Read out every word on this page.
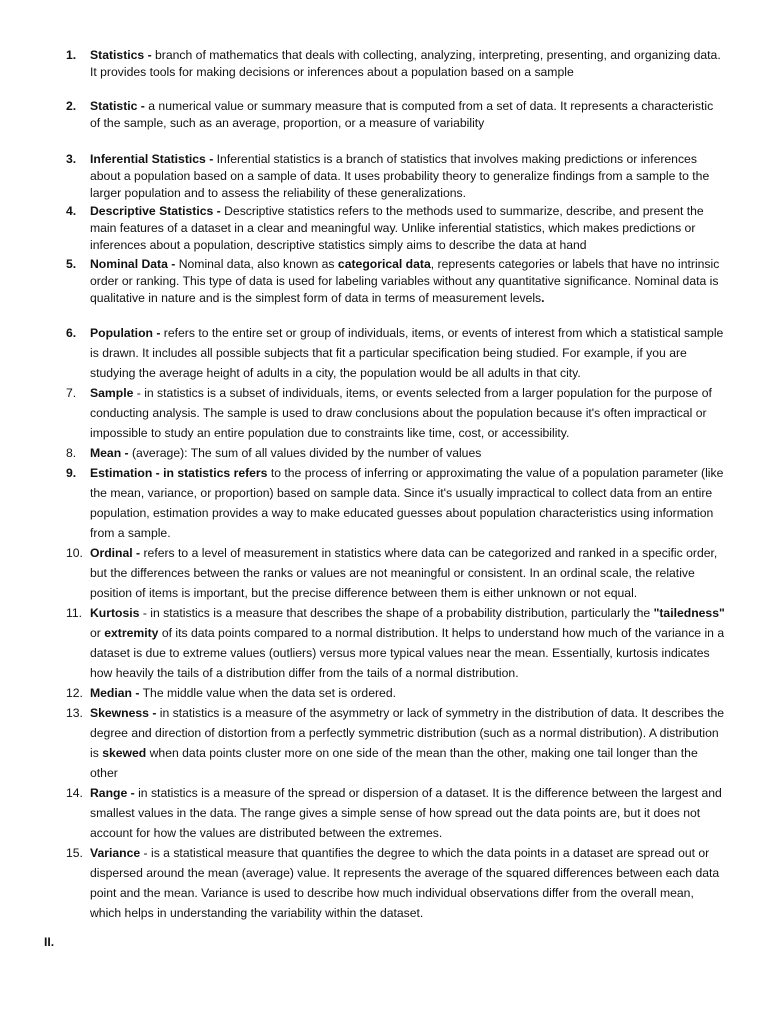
1.	Statistics - branch of mathematics that deals with collecting, analyzing, interpreting, presenting, and organizing data. It provides tools for making decisions or inferences about a population based on a sample
2.	Statistic - a numerical value or summary measure that is computed from a set of data. It represents a characteristic of the sample, such as an average, proportion, or a measure of variability
3.	Inferential Statistics - Inferential statistics is a branch of statistics that involves making predictions or inferences about a population based on a sample of data. It uses probability theory to generalize findings from a sample to the larger population and to assess the reliability of these generalizations.
4.	Descriptive Statistics - Descriptive statistics refers to the methods used to summarize, describe, and present the main features of a dataset in a clear and meaningful way. Unlike inferential statistics, which makes predictions or inferences about a population, descriptive statistics simply aims to describe the data at hand
5.	Nominal Data - Nominal data, also known as categorical data, represents categories or labels that have no intrinsic order or ranking. This type of data is used for labeling variables without any quantitative significance. Nominal data is qualitative in nature and is the simplest form of data in terms of measurement levels.
6.	Population - refers to the entire set or group of individuals, items, or events of interest from which a statistical sample is drawn. It includes all possible subjects that fit a particular specification being studied. For example, if you are studying the average height of adults in a city, the population would be all adults in that city.
7.	Sample - in statistics is a subset of individuals, items, or events selected from a larger population for the purpose of conducting analysis. The sample is used to draw conclusions about the population because it's often impractical or impossible to study an entire population due to constraints like time, cost, or accessibility.
8.	Mean - (average): The sum of all values divided by the number of values
9.	Estimation - in statistics refers to the process of inferring or approximating the value of a population parameter (like the mean, variance, or proportion) based on sample data. Since it's usually impractical to collect data from an entire population, estimation provides a way to make educated guesses about population characteristics using information from a sample.
10. Ordinal - refers to a level of measurement in statistics where data can be categorized and ranked in a specific order, but the differences between the ranks or values are not meaningful or consistent. In an ordinal scale, the relative position of items is important, but the precise difference between them is either unknown or not equal.
11. Kurtosis - in statistics is a measure that describes the shape of a probability distribution, particularly the "tailedness" or extremity of its data points compared to a normal distribution. It helps to understand how much of the variance in a dataset is due to extreme values (outliers) versus more typical values near the mean. Essentially, kurtosis indicates how heavily the tails of a distribution differ from the tails of a normal distribution.
12. Median - The middle value when the data set is ordered.
13. Skewness - in statistics is a measure of the asymmetry or lack of symmetry in the distribution of data. It describes the degree and direction of distortion from a perfectly symmetric distribution (such as a normal distribution). A distribution is skewed when data points cluster more on one side of the mean than the other, making one tail longer than the other
14. Range - in statistics is a measure of the spread or dispersion of a dataset. It is the difference between the largest and smallest values in the data. The range gives a simple sense of how spread out the data points are, but it does not account for how the values are distributed between the extremes.
15. Variance - is a statistical measure that quantifies the degree to which the data points in a dataset are spread out or dispersed around the mean (average) value. It represents the average of the squared differences between each data point and the mean. Variance is used to describe how much individual observations differ from the overall mean, which helps in understanding the variability within the dataset.
II.
